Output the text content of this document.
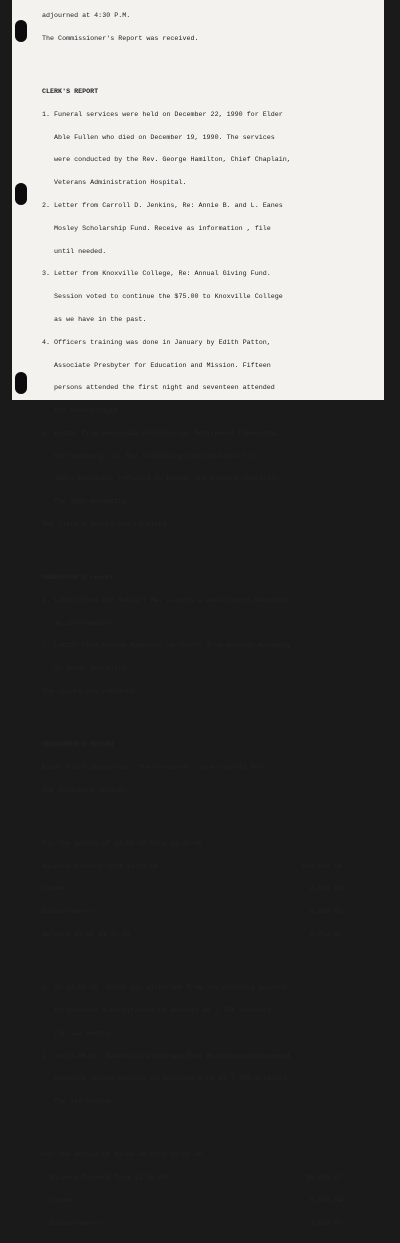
adjourned at 4:30 P.M.

The Commissioner's Report was received.

CLERK'S REPORT

1. Funeral services were held on December 22, 1990 for Elder

Able Fullen who died on December 19, 1990. The services

were conducted by the Rev. George Hamilton, Chief Chaplain,

Veterans Administration Hospital.

2. Letter from Carroll D. Jenkins, Re: Annie B. and L. Eanes

Mosley Scholarship Fund. Receive as information , file

until needed.

3. Letter from Knoxville College, Re: Annual Giving Fund.

Session voted to continue the $75.00 to Knoxville College

as we have in the past.

4. Officers training was done in January by Edith Patton,

Associate Presbyter for Education and Mission. Fifteen

persons attended the first night and seventeen attended

the second night.

5. Letter from Sunnyside Presbyterian Retirement Community,

Harrisonburg, Va. Re: Soliciting contributions for

1991. Received, referred to Budget and Finance Committee

for 1992 budgeting.

The Clerk's Report was received.

MODERATOR'S report

1. Letter from Pin Mahler: Re: 2-cents a meal report,Received

as information.

2. Letter from George Magnuson on report from General Assembly

on Human Sexuality.

The report was received.

TREASURER'S REPORT

Elder Ralph Shepperson, the treasurer, gave reports for

the following periods:

For the period of 11-01-90 thru 11-30-90

Balance forward from 10-31-90	$10,607.34

Income	2,561.66

Disbursements	6,386.93

Balance as of 11-30-90	6,782.07

1. On 11-05-90  $5000 was withdrawn from the checking account

to purchase a certificate of deposit at 7.70% interest

for six months.

2. On 11-05-90  $4000 was withdrawn from Maintenance/Equipment

passbook saving account to purchase a CD at 7.70% interest

for six months.

For the period of 12-01-90 thru 12-31-90

Balance forward from 11-30-90	$6,782.07

Income	5,679.84

Disbursements	3,919.07
